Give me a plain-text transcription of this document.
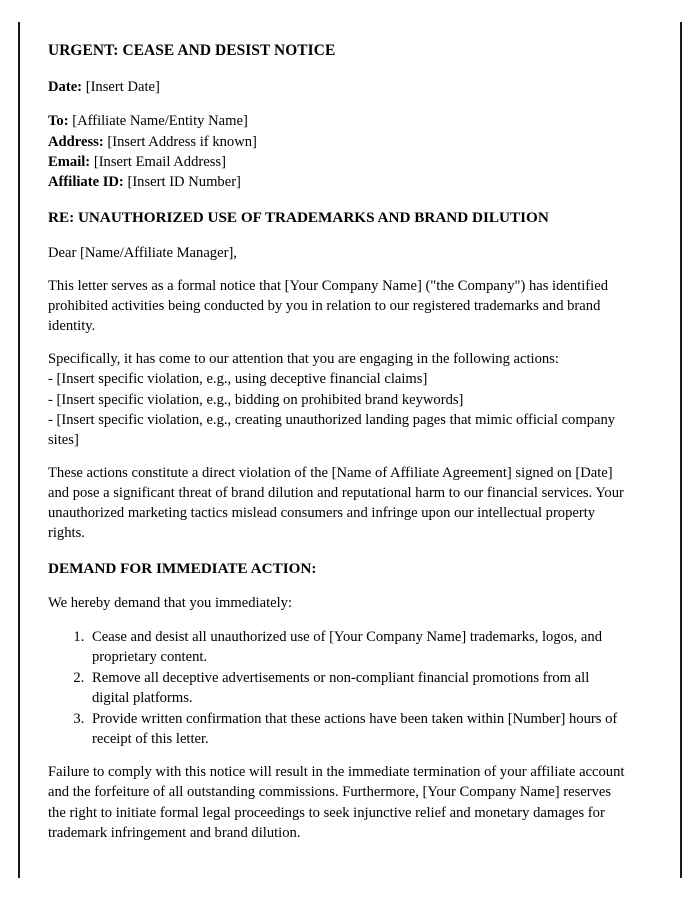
URGENT: CEASE AND DESIST NOTICE
Date: [Insert Date]
To: [Affiliate Name/Entity Name]
Address: [Insert Address if known]
Email: [Insert Email Address]
Affiliate ID: [Insert ID Number]
RE: UNAUTHORIZED USE OF TRADEMARKS AND BRAND DILUTION

Dear [Name/Affiliate Manager],

This letter serves as a formal notice that [Your Company Name] ("the Company") has identified prohibited activities being conducted by you in relation to our registered trademarks and brand identity.

Specifically, it has come to our attention that you are engaging in the following actions:

- [Insert specific violation, e.g., using deceptive financial claims]

- [Insert specific violation, e.g., bidding on prohibited brand keywords]

- [Insert specific violation, e.g., creating unauthorized landing pages that mimic official company sites]

These actions constitute a direct violation of the [Name of Affiliate Agreement] signed on [Date] and pose a significant threat of brand dilution and reputational harm to our financial services. Your unauthorized marketing tactics mislead consumers and infringe upon our intellectual property rights.

DEMAND FOR IMMEDIATE ACTION:

We hereby demand that you immediately:

1. Cease and desist all unauthorized use of [Your Company Name] trademarks, logos, and proprietary content.
2. Remove all deceptive advertisements or non-compliant financial promotions from all digital platforms.
3. Provide written confirmation that these actions have been taken within [Number] hours of receipt of this letter.

Failure to comply with this notice will result in the immediate termination of your affiliate account and the forfeiture of all outstanding commissions. Furthermore, [Your Company Name] reserves the right to initiate formal legal proceedings to seek injunctive relief and monetary damages for trademark infringement and brand dilution.
